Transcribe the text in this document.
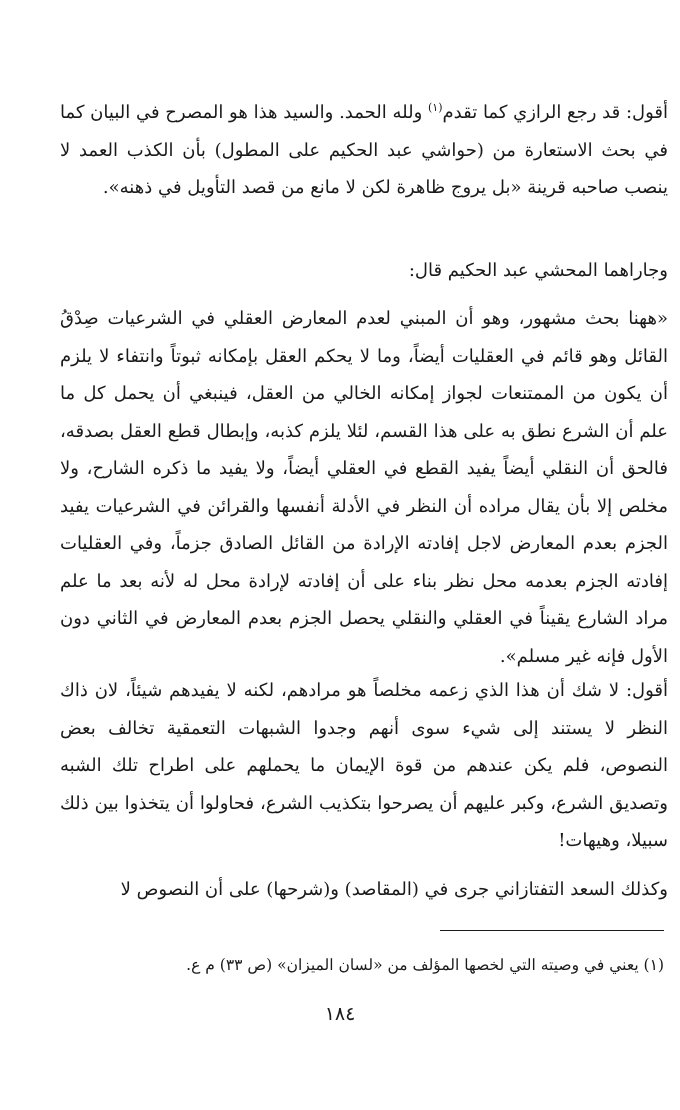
أقول: قد رجع الرازي كما تقدم$^{(١)}$ ولله الحمد. والسيد هذا هو المصرح في البيان كما في بحث الاستعارة من (حواشي عبد الحكيم على المطول) بأن الكذب العمد لا ينصب صاحبه قرينة «بل يروج ظاهرة لكن لا مانع من قصد التأويل في ذهنه».

وجاراهما المحشي عبد الحكيم قال:

«ههنا بحث مشهور، وهو أن المبني لعدم المعارض العقلي في الشرعيات صِدْقُ القائل وهو قائم في العقليات أيضاً، وما لا يحكم العقل بإمكانه ثبوتاً وانتفاء لا يلزم أن يكون من الممتنعات لجواز إمكانه الخالي من العقل، فينبغي أن يحمل كل ما علم أن الشرع نطق به على هذا القسم، لئلا يلزم كذبه، وإبطال قطع العقل بصدقه، فالحق أن النقلي أيضاً يفيد القطع في العقلي أيضاً، ولا يفيد ما ذكره الشارح، ولا مخلص إلا بأن يقال مراده أن النظر في الأدلة أنفسها والقرائن في الشرعيات يفيد الجزم بعدم المعارض لاجل إفادته الإرادة من القائل الصادق جزماً، وفي العقليات إفادته الجزم بعدمه محل نظر بناء على أن إفادته لإرادة محل له لأنه بعد ما علم مراد الشارع يقيناً في العقلي والنقلي يحصل الجزم بعدم المعارض في الثاني دون الأول فإنه غير مسلم».

أقول: لا شك أن هذا الذي زعمه مخلصاً هو مرادهم، لكنه لا يفيدهم شيئاً، لان ذاك النظر لا يستند إلى شيء سوى أنهم وجدوا الشبهات التعمقية تخالف بعض النصوص، فلم يكن عندهم من قوة الإيمان ما يحملهم على اطراح تلك الشبه وتصديق الشرع، وكبر عليهم أن يصرحوا بتكذيب الشرع، فحاولوا أن يتخذوا بين ذلك سبيلا، وهيهات!

وكذلك السعد التفتازاني جرى في (المقاصد) و(شرحها) على أن النصوص لا

(١) يعني في وصيته التي لخصها المؤلف من «لسان الميزان» (ص ٣٣) م ع.

١٨٤
